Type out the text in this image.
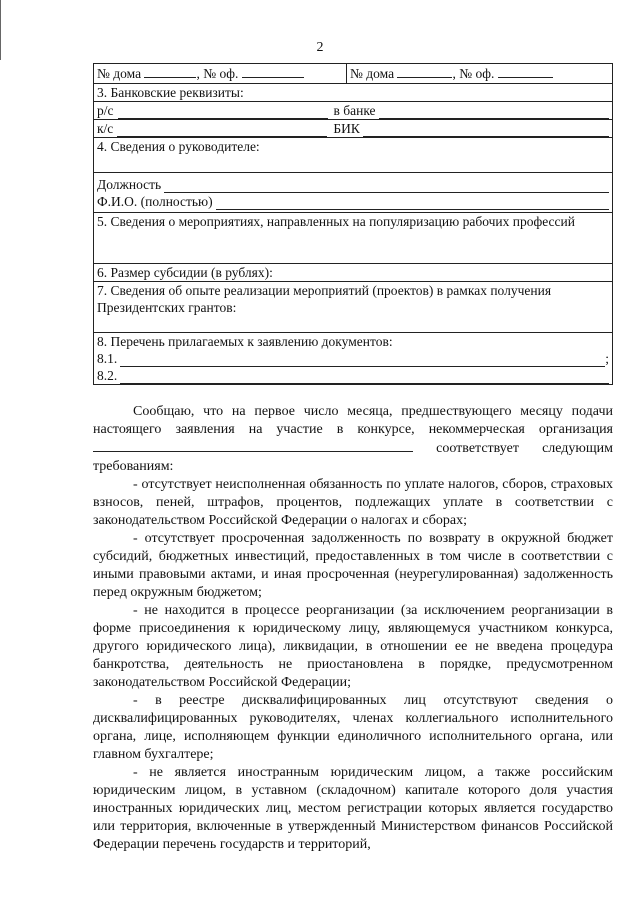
2
№ дома	, № оф.	№ дома	, № оф.

3. Банковские реквизиты:

р/с	в банке

к/с	БИК

4. Сведения о руководителе:

Должность
Ф.И.О. (полностью)

5. Сведения о мероприятиях, направленных на популяризацию рабочих профессий

6. Размер субсидии (в рублях):

7. Сведения об опыте реализации мероприятий (проектов) в рамках получения Президентских грантов:

8. Перечень прилагаемых к заявлению документов:
8.1.	;
8.2.

Сообщаю, что на первое число месяца, предшествующего месяцу подачи настоящего заявления на участие в конкурсе, некоммерческая организация  соответствует следующим требованиям:

- отсутствует неисполненная обязанность по уплате налогов, сборов, страховых взносов, пеней, штрафов, процентов, подлежащих уплате в соответствии с законодательством Российской Федерации о налогах и сборах;

- отсутствует просроченная задолженность по возврату в окружной бюджет субсидий, бюджетных инвестиций, предоставленных в том числе в соответствии с иными правовыми актами, и иная просроченная (неурегулированная) задолженность перед окружным бюджетом;

- не находится в процессе реорганизации (за исключением реорганизации в форме присоединения к юридическому лицу, являющемуся участником конкурса, другого юридического лица), ликвидации, в отношении ее не введена процедура банкротства, деятельность не приостановлена в порядке, предусмотренном законодательством Российской Федерации;

- в реестре дисквалифицированных лиц отсутствуют сведения о дисквалифицированных руководителях, членах коллегиального исполнительного органа, лице, исполняющем функции единоличного исполнительного органа, или главном бухгалтере;

- не является иностранным юридическим лицом, а также российским юридическим лицом, в уставном (складочном) капитале которого доля участия иностранных юридических лиц, местом регистрации которых является государство или территория, включенные в утвержденный Министерством финансов Российской Федерации перечень государств и территорий,
